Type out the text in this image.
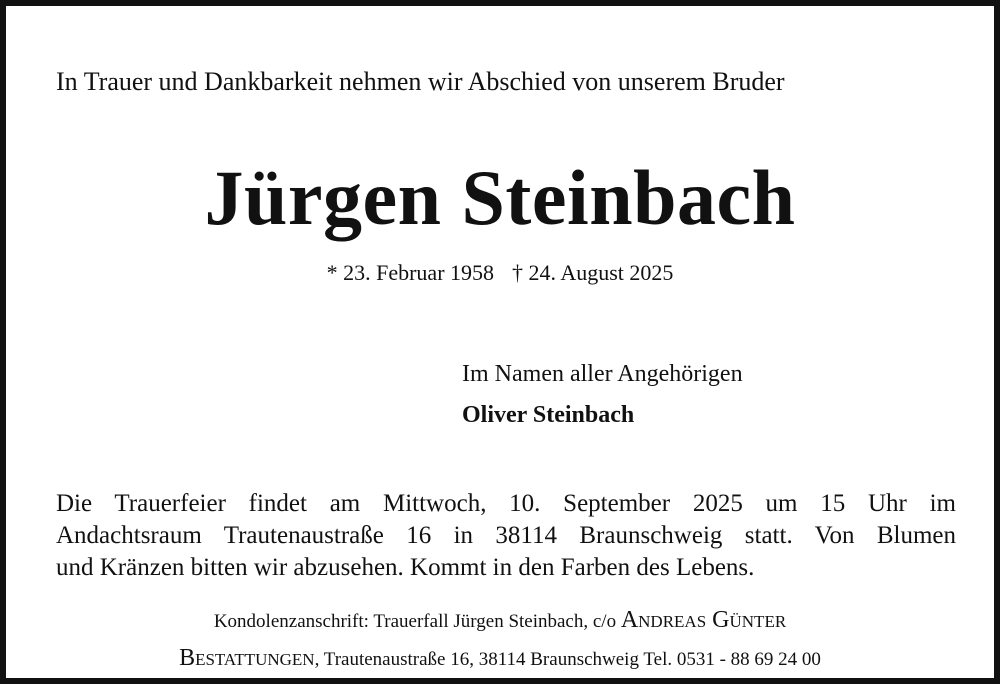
In Trauer und Dankbarkeit nehmen wir Abschied von unserem Bruder
Jürgen Steinbach
* 23. Februar 1958 † 24. August 2025
Im Namen aller Angehörigen
Oliver Steinbach
Die Trauerfeier findet am Mittwoch, 10. September 2025 um 15 Uhr im
Andachtsraum Trautenaustraße 16 in 38114 Braunschweig statt. Von Blumen
und Kränzen bitten wir abzusehen. Kommt in den Farben des Lebens.
Kondolenzanschrift: Trauerfall Jürgen Steinbach, c/o Andreas Günter
Bestattungen, Trautenaustraße 16, 38114 Braunschweig Tel. 0531 - 88 69 24 00
